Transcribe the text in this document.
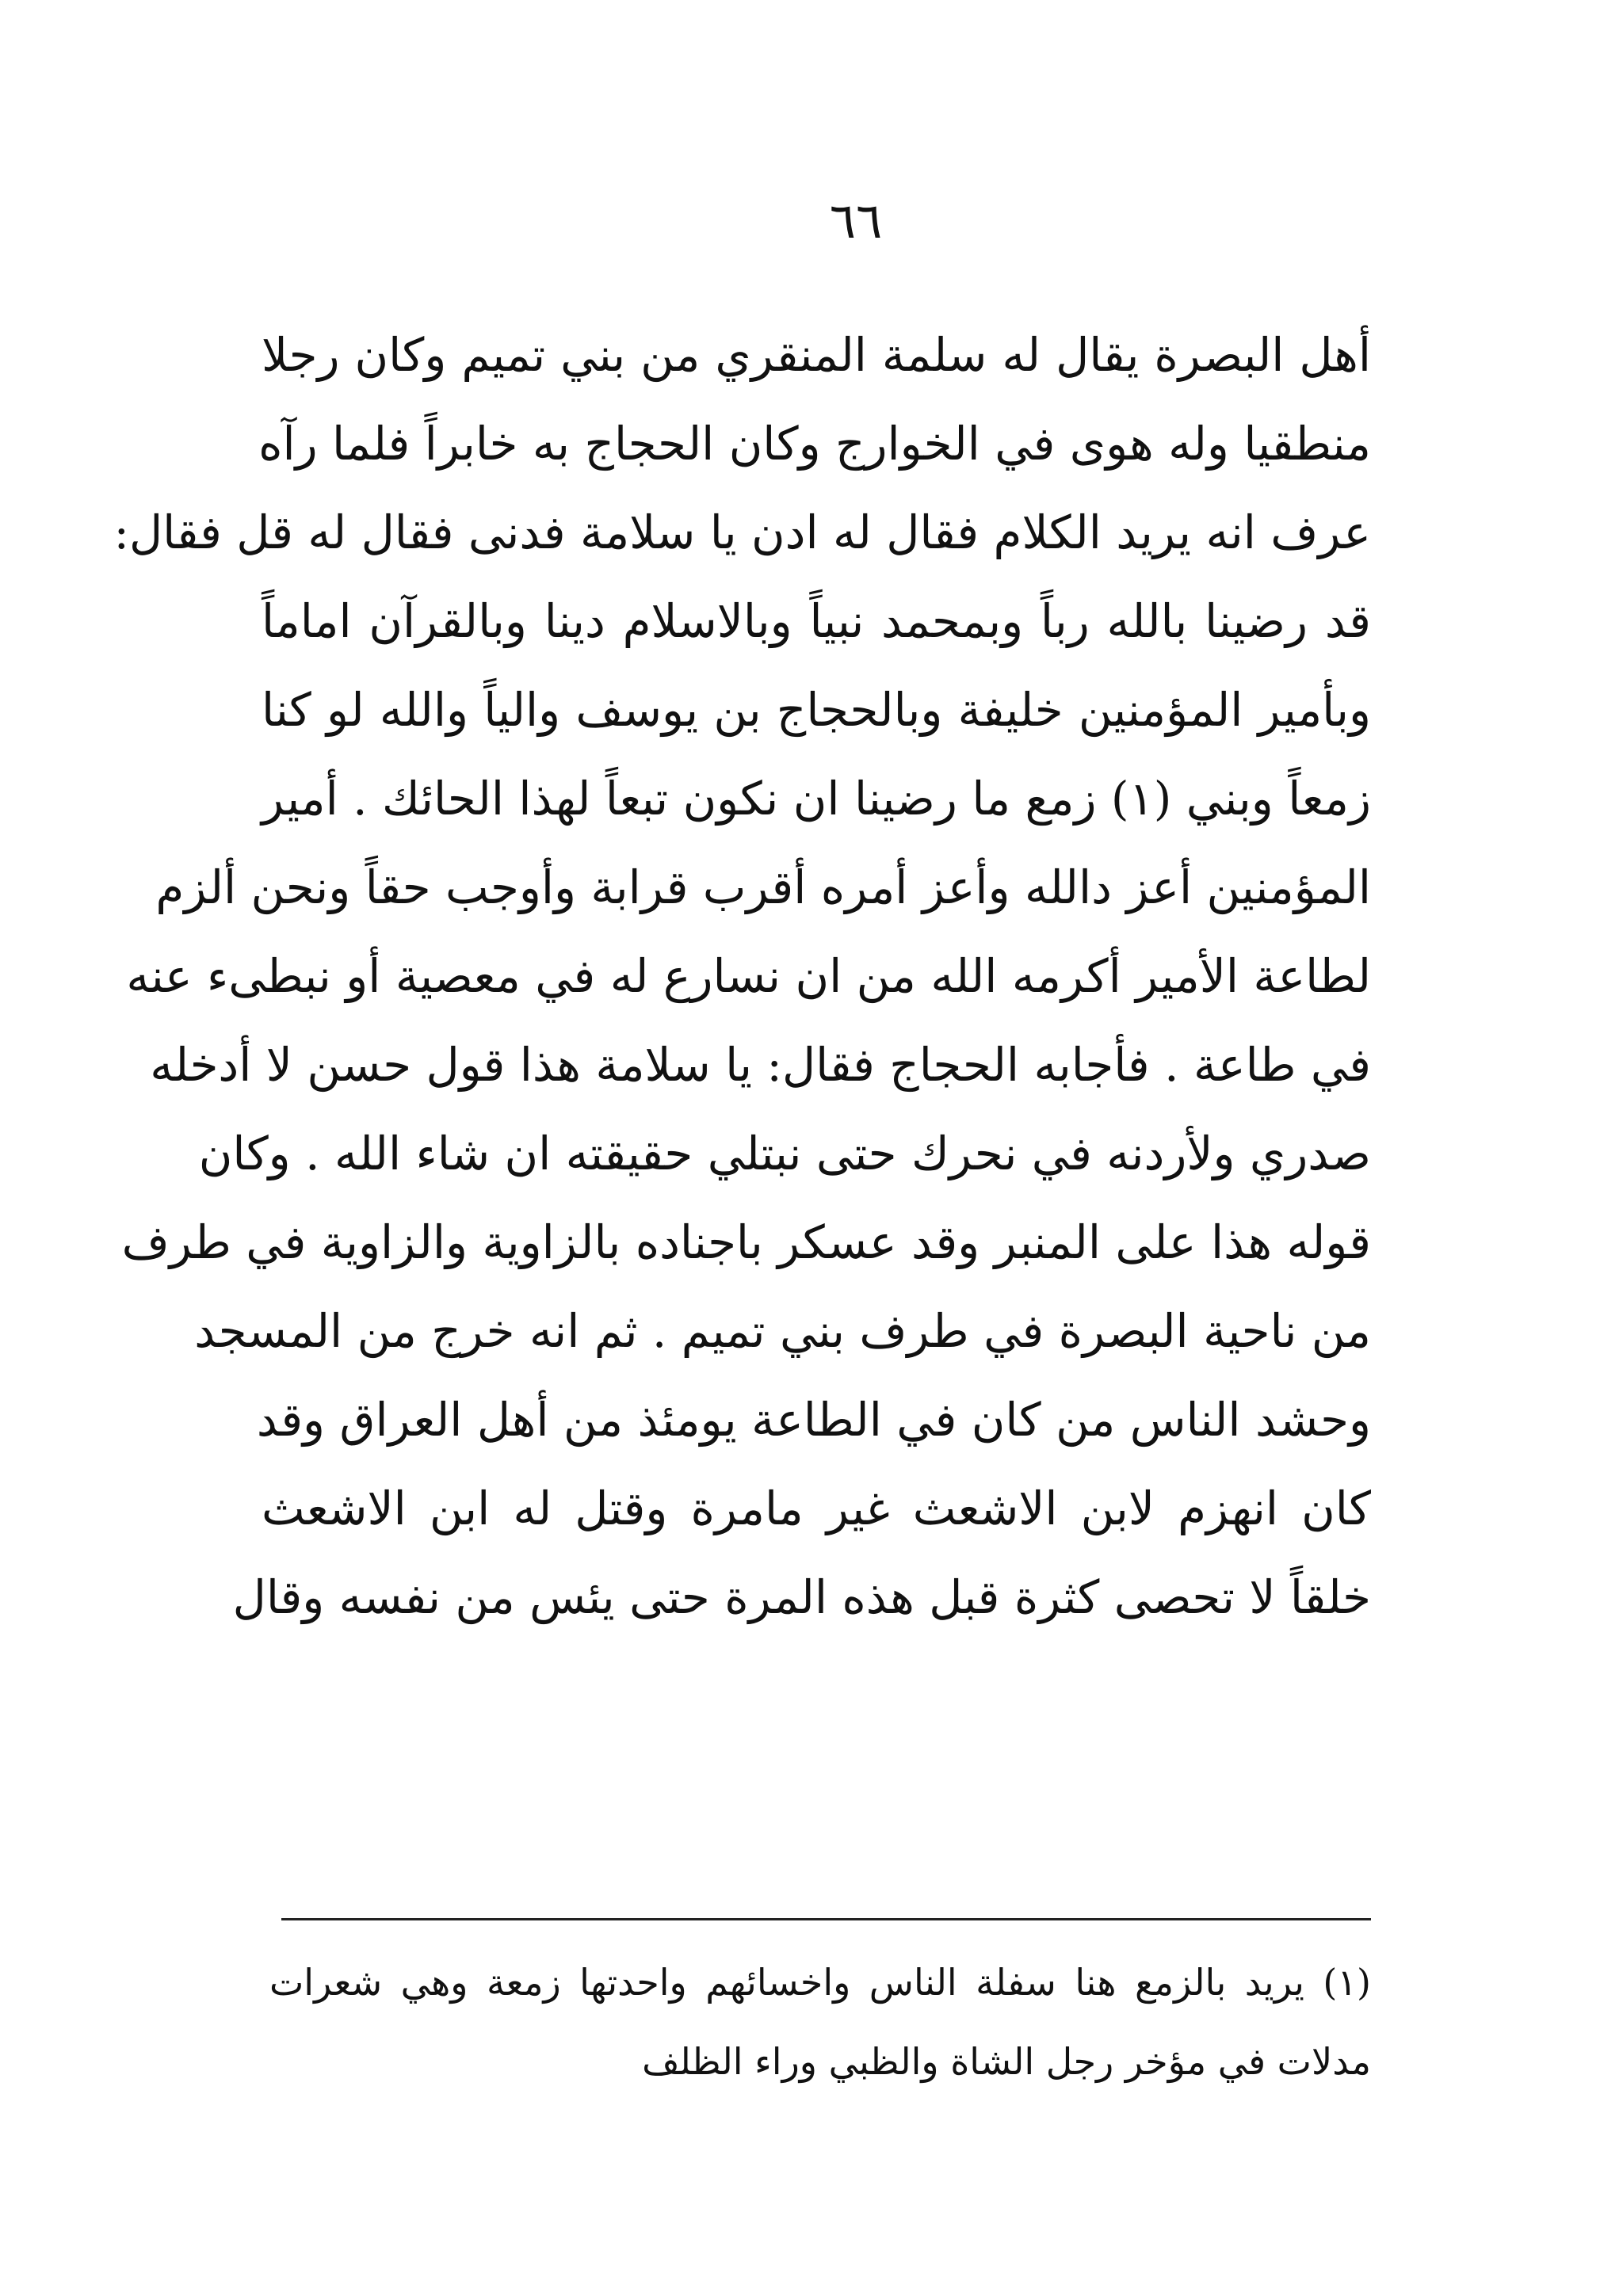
٦٦
أهل البصرة يقال له سلمة المنقري من بني تميم وكان رجلا
منطقيا وله هوى في الخوارج وكان الحجاج به خابراً فلما رآه
عرف انه يريد الكلام فقال له ادن يا سلامة فدنى فقال له قل فقال:
قد رضينا بالله رباً وبمحمد نبياً وبالاسلام دينا وبالقرآن اماماً
وبأمير المؤمنين خليفة وبالحجاج بن يوسف والياً والله لو كنا
زمعاً وبني (١) زمع ما رضينا ان نكون تبعاً لهذا الحائك . أمير
المؤمنين أعز دالله وأعز أمره أقرب قرابة وأوجب حقاً ونحن ألزم
لطاعة الأمير أكرمه الله من ان نسارع له في معصية أو نبطىء عنه
في طاعة . فأجابه الحجاج فقال: يا سلامة هذا قول حسن لا أدخله
صدري ولأردنه في نحرك حتى نبتلي حقيقته ان شاء الله . وكان
قوله هذا على المنبر وقد عسكر باجناده بالزاوية والزاوية في طرف
من ناحية البصرة في طرف بني تميم . ثم انه خرج من المسجد
وحشد الناس من كان في الطاعة يومئذ من أهل العراق وقد
كان انهزم لابن الاشعث غير مامرة وقتل له ابن الاشعث
خلقاً لا تحصى كثرة قبل هذه المرة حتى يئس من نفسه وقال
(١) يريد بالزمع هنا سفلة الناس واخسائهم واحدتها زمعة وهي شعرات
مدلات في مؤخر رجل الشاة والظبي وراء الظلف
